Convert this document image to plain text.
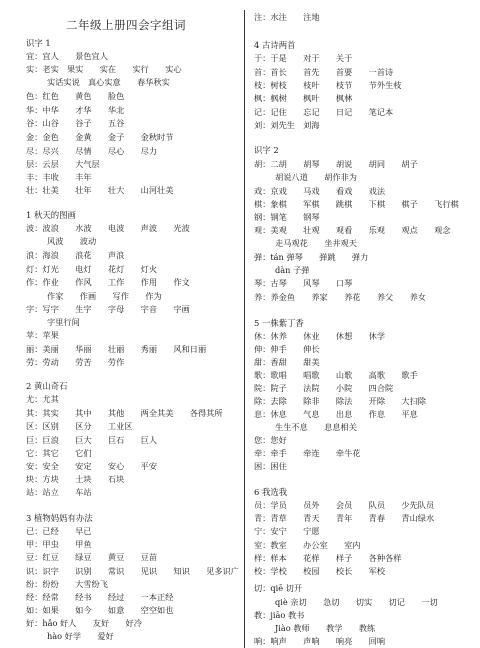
二年级上册四会字组词
识字 1
宜：宜人　　景色宜人
实：老实　果实　　实在　　实行　　实心
实话实说　真心实意　　春华秋实
色：红色　　黄色　　脸色
华：中华　　才华　　华北
谷：山谷　　谷子　　五谷
金：金色　　金黄　　金子　　金秋时节
尽：尽兴　　尽情　　尽心　　尽力
层：云层　　大气层
丰：丰收　　丰年
壮：壮美　　壮年　　壮大　　山河壮美
1 秋天的图画
波：波浪　　水波　　电波　　声波　　光波
风波　　波动
浪：海浪　　浪花　　声浪
灯：灯光　　电灯　　花灯　　灯火
作：作业　　作风　　工作　　作用　　作文
作家　　作画　　写作　　作为
字：写字　　生字　　字母　　字音　　字画
字里行间
苹：苹果
丽：美丽　　华丽　　壮丽　　秀丽　　风和日丽
劳：劳动　　劳苦　　劳作
2 黄山奇石
尤：尤其
其：其实　　其中　　其他　　两全其美　　各得其所
区：区别　　区分　　工业区
巨：巨浪　　巨大　　巨石　　巨人
它：其它　　它们
安：安全　　安定　　安心　　平安
块：方块　　土块　　石块
站：站立　　车站
3 植物妈妈有办法
已：已经　　早已
甲：甲虫　　甲鱼
豆：红豆　　绿豆　　黄豆　　豆苗
识：识字　　识别　　常识　　见识　　知识　　见多识广
纷：纷纷　　大雪纷飞
经：经常　　经书　　经过　　一本正经
如：如果　　如今　　如意　　空空如也
好：hǎo 好人　　友好　　好冷
hào 好学　　爱好
注：水注　　注地
4 古诗两首
于：于是　　对于　　关于
首：首长　　首先　　首要　　一首诗
枝：树枝　　枝叶　　枝节　　节外生枝
枫：枫树　　枫叶　　枫林
记：记住　　忘记　　日记　　笔记本
刘：刘先生　刘海
识字 2
胡：二胡　　胡琴　　胡说　　胡同　　胡子
胡说八道　　胡作非为
戏：京戏　　马戏　　看戏　　戏法
棋：象棋　　军棋　　跳棋　　下棋　　棋子　　飞行棋
钢：钢笔　　钢琴
观：美观　　壮观　　观看　　乐观　　观点　　观念
走马观花　　坐井观天
弹：tán 弹琴　　弹跳　　弹力
dàn 子弹
琴：古琴　　风琴　　口琴
养：养金鱼　　养家　　养花　　养父　　养女
5 一株紫丁香
休：休养　　休业　　休想　　休学
伸：伸手　　伸长
甜：香甜　　甜美
歌：歌唱　　唱歌　　山歌　　高歌　　歌手
院：院子　　法院　　小院　　四合院
除：去除　　除非　　除法　　开除　　大扫除
息：休息　　气息　　出息　　作息　　平息
生生不息　　息息相关
您：您好
牵：牵手　　牵连　　牵牛花
困：困住
6 我选我
员：学员　　员外　　会员　　队员　　少先队员
青：青草　　青天　　青年　　青春　　青山绿水
宁：安宁　　宁愿
室：教室　　办公室　　室内
样：样本　　花样　　样子　　各种各样
校：学校　　校园　　校长　　军校
切：qiē 切开
qiè 亲切　　急切　　切实　　切记　　一切
教：jiāo 教书
Jiào 教师　　教学　　教练
响：响声　　声响　　响亮　　回响
